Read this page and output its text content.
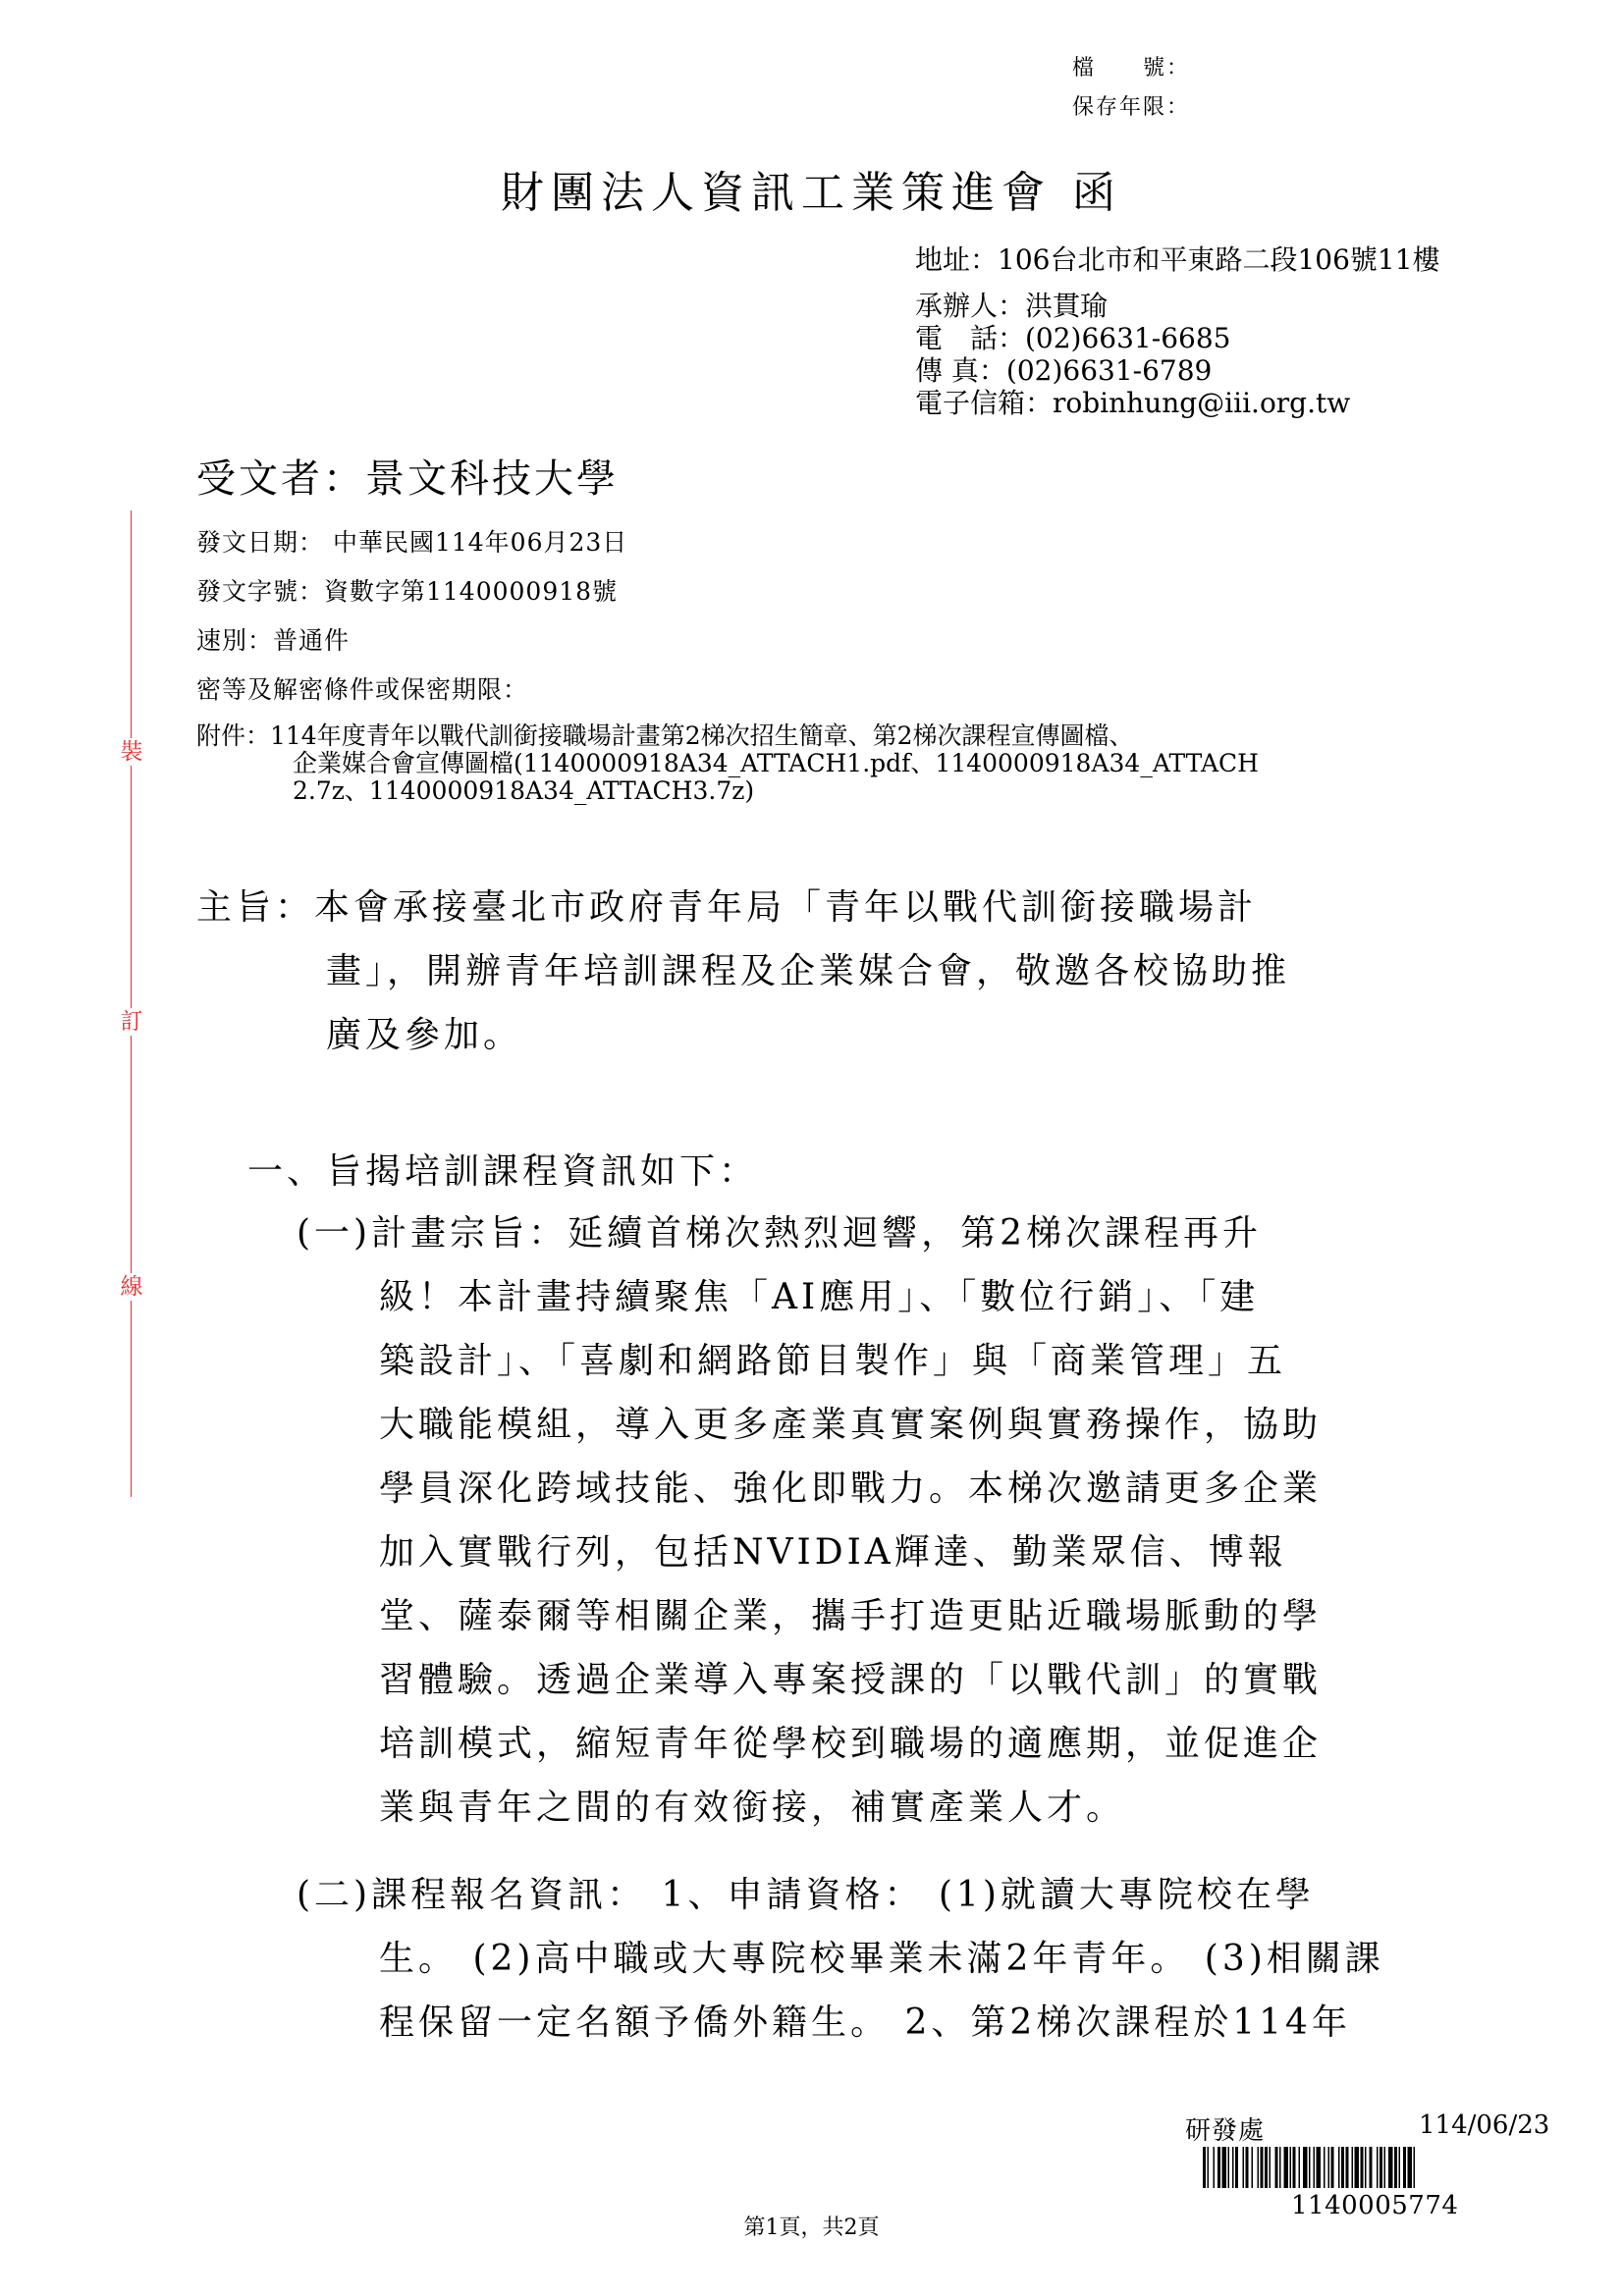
檔　　號：
保存年限：
財團法人資訊工業策進會 函
地址：106台北市和平東路二段106號11樓
承辦人：洪貫瑜
電　話：(02)6631-6685
傳 真：(02)6631-6789
電子信箱：robinhung@iii.org.tw
受文者：景文科技大學
裝
訂
線
發文日期： 中華民國114年06月23日
發文字號：資數字第1140000918號
速別：普通件
密等及解密條件或保密期限：
附件：114年度青年以戰代訓銜接職場計畫第2梯次招生簡章、第2梯次課程宣傳圖檔、
企業媒合會宣傳圖檔(1140000918A34_ATTACH1.pdf、1140000918A34_ATTACH
2.7z、1140000918A34_ATTACH3.7z)
主旨：本會承接臺北市政府青年局「青年以戰代訓銜接職場計
畫」，開辦青年培訓課程及企業媒合會，敬邀各校協助推
廣及參加。
一、旨揭培訓課程資訊如下：
(一)計畫宗旨：延續首梯次熱烈迴響，第2梯次課程再升
級！本計畫持續聚焦「AI應用」、「數位行銷」、「建
築設計」、「喜劇和網路節目製作」與「商業管理」五
大職能模組，導入更多產業真實案例與實務操作，協助
學員深化跨域技能、強化即戰力。本梯次邀請更多企業
加入實戰行列，包括NVIDIA輝達、勤業眾信、博報
堂、薩泰爾等相關企業，攜手打造更貼近職場脈動的學
習體驗。透過企業導入專案授課的「以戰代訓」的實戰
培訓模式，縮短青年從學校到職場的適應期，並促進企
業與青年之間的有效銜接，補實產業人才。
(二)課程報名資訊： 1、申請資格： (1)就讀大專院校在學
生。 (2)高中職或大專院校畢業未滿2年青年。 (3)相關課
程保留一定名額予僑外籍生。 2、第2梯次課程於114年
研發處	114/06/23
1140005774
第1頁，共2頁
